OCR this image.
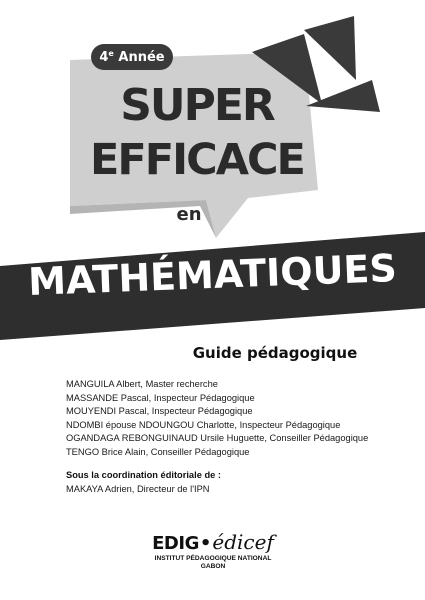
4e
Année
SUPER
EFFICACE
en
MATHÉMATIQUES
Guide pédagogique
MANGUILA Albert, Master recherche
MASSANDE Pascal, Inspecteur Pédagogique
MOUYENDI Pascal, Inspecteur Pédagogique
NDOMBI épouse NDOUNGOU Charlotte, Inspecteur Pédagogique
OGANDAGA REBONGUINAUD Ursile Huguette, Conseiller Pédagogique
TENGO Brice Alain, Conseiller Pédagogique
Sous la coordination éditoriale de :
MAKAYA Adrien, Directeur de l'IPN
EDIG•édicef
INSTITUT PÉDAGOGIQUE NATIONAL
GABON
